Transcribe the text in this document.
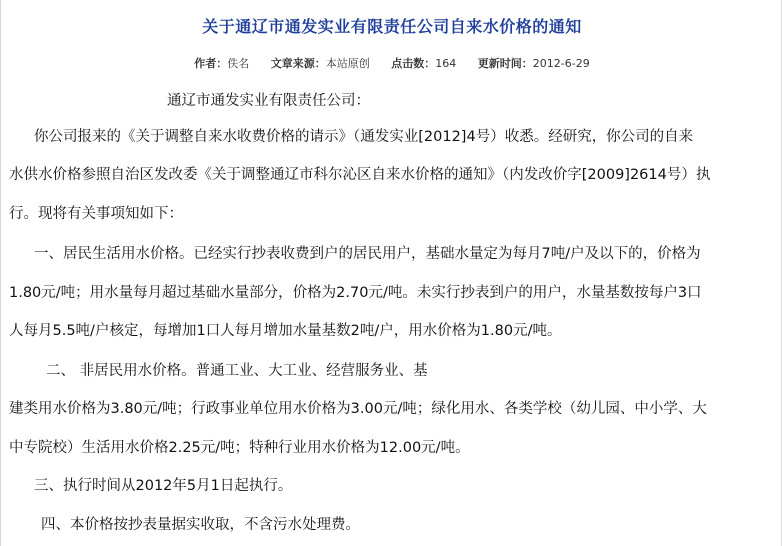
关于通辽市通发实业有限责任公司自来水价格的通知
作者：佚名 文章来源：本站原创 点击数：164 更新时间：2012-6-29
通辽市通发实业有限责任公司：
你公司报来的《关于调整自来水收费价格的请示》（通发实业[2012]4号）收悉。经研究，你公司的自来
水供水价格参照自治区发改委《关于调整通辽市科尔沁区自来水价格的通知》（内发改价字[2009]2614号）执
行。现将有关事项知如下：
一、居民生活用水价格。已经实行抄表收费到户的居民用户，基础水量定为每月7吨/户及以下的，价格为
1.80元/吨；用水量每月超过基础水量部分，价格为2.70元/吨。未实行抄表到户的用户，水量基数按每户3口
人每月5.5吨/户核定，每增加1口人每月增加水量基数2吨/户，用水价格为1.80元/吨。
二、 非居民用水价格。普通工业、大工业、经营服务业、基
建类用水价格为3.80元/吨；行政事业单位用水价格为3.00元/吨；绿化用水、各类学校（幼儿园、中小学、大
中专院校）生活用水价格2.25元/吨；特种行业用水价格为12.00元/吨。
三、执行时间从2012年5月1日起执行。
四、本价格按抄表量据实收取，不含污水处理费。
